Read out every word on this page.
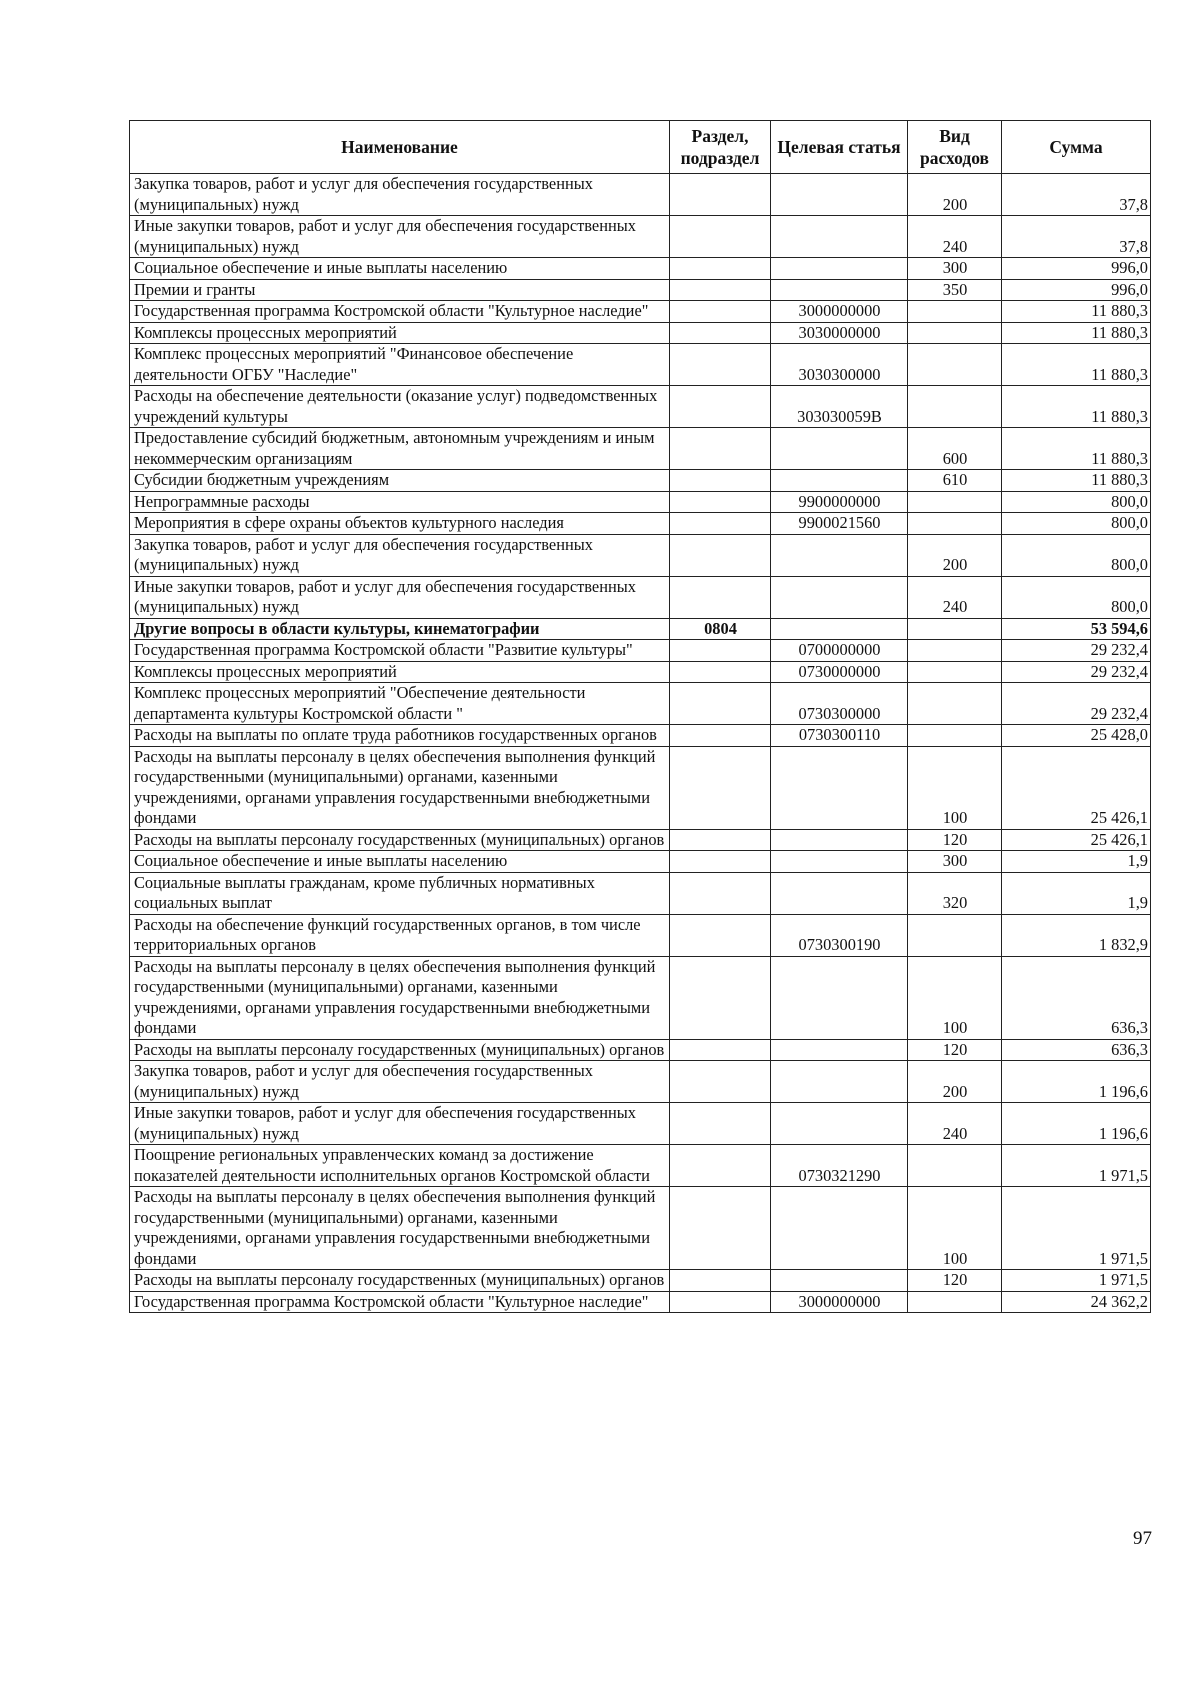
Наименование	Раздел, подраздел	Целевая статья	Вид расходов	Сумма
Закупка товаров, работ и услуг для обеспечения государственных (муниципальных) нужд			200	37,8
Иные закупки товаров, работ и услуг для обеспечения государственных (муниципальных) нужд			240	37,8
Социальное обеспечение и иные выплаты населению			300	996,0
Премии и гранты			350	996,0
Государственная программа Костромской области "Культурное наследие"		3000000000		11 880,3
Комплексы процессных мероприятий		3030000000		11 880,3
Комплекс процессных мероприятий "Финансовое обеспечение деятельности ОГБУ "Наследие"		3030300000		11 880,3
Расходы на обеспечение деятельности (оказание услуг) подведомственных учреждений культуры		303030059В		11 880,3
Предоставление субсидий бюджетным, автономным учреждениям и иным некоммерческим организациям			600	11 880,3
Субсидии бюджетным учреждениям			610	11 880,3
Непрограммные расходы		9900000000		800,0
Мероприятия в сфере охраны объектов культурного наследия		9900021560		800,0
Закупка товаров, работ и услуг для обеспечения государственных (муниципальных) нужд			200	800,0
Иные закупки товаров, работ и услуг для обеспечения государственных (муниципальных) нужд			240	800,0
Другие вопросы в области культуры, кинематографии	0804			53 594,6
Государственная программа Костромской области "Развитие культуры"		0700000000		29 232,4
Комплексы процессных мероприятий		0730000000		29 232,4
Комплекс процессных мероприятий "Обеспечение деятельности департамента культуры Костромской области "		0730300000		29 232,4
Расходы на выплаты по оплате труда работников государственных органов		0730300110		25 428,0
Расходы на выплаты персоналу в целях обеспечения выполнения функций государственными (муниципальными) органами, казенными учреждениями, органами управления государственными внебюджетными фондами			100	25 426,1
Расходы на выплаты персоналу государственных (муниципальных) органов			120	25 426,1
Социальное обеспечение и иные выплаты населению			300	1,9
Социальные выплаты гражданам, кроме публичных нормативных социальных выплат			320	1,9
Расходы на обеспечение функций государственных органов, в том числе территориальных органов		0730300190		1 832,9
Расходы на выплаты персоналу в целях обеспечения выполнения функций государственными (муниципальными) органами, казенными учреждениями, органами управления государственными внебюджетными фондами			100	636,3
Расходы на выплаты персоналу государственных (муниципальных) органов			120	636,3
Закупка товаров, работ и услуг для обеспечения государственных (муниципальных) нужд			200	1 196,6
Иные закупки товаров, работ и услуг для обеспечения государственных (муниципальных) нужд			240	1 196,6
Поощрение региональных управленческих команд за достижение показателей деятельности исполнительных органов Костромской области		0730321290		1 971,5
Расходы на выплаты персоналу в целях обеспечения выполнения функций государственными (муниципальными) органами, казенными учреждениями, органами управления государственными внебюджетными фондами			100	1 971,5
Расходы на выплаты персоналу государственных (муниципальных) органов			120	1 971,5
Государственная программа Костромской области "Культурное наследие"		3000000000		24 362,2
97
